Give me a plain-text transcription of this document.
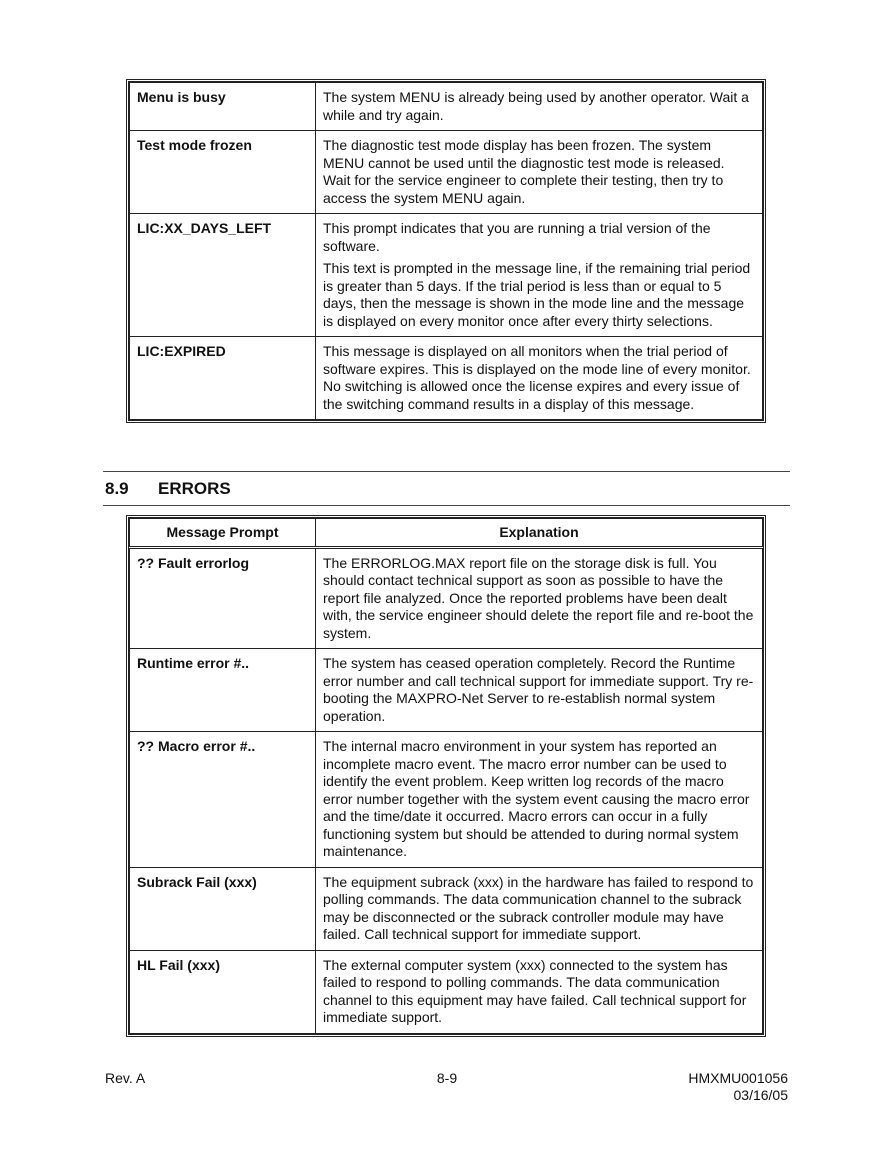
Menu is busy	The system MENU is already being used by another operator. Wait a while and try again.

Test mode frozen	The diagnostic test mode display has been frozen. The system MENU cannot be used until the diagnostic test mode is released. Wait for the service engineer to complete their testing, then try to access the system MENU again.

LIC:XX_DAYS_LEFT	This prompt indicates that you are running a trial version of the software.

This text is prompted in the message line, if the remaining trial period is greater than 5 days. If the trial period is less than or equal to 5 days, then the message is shown in the mode line and the message is displayed on every monitor once after every thirty selections.

LIC:EXPIRED	This message is displayed on all monitors when the trial period of software expires. This is displayed on the mode line of every monitor. No switching is allowed once the license expires and every issue of the switching command results in a display of this message.

8.9 ERRORS
Message Prompt	Explanation
?? Fault errorlog	The ERRORLOG.MAX report file on the storage disk is full. You should contact technical support as soon as possible to have the report file analyzed. Once the reported problems have been dealt with, the service engineer should delete the report file and re-boot the system.

Runtime error #..	The system has ceased operation completely. Record the Runtime error number and call technical support for immediate support. Try re-booting the MAXPRO-Net Server to re-establish normal system operation.

?? Macro error #..	The internal macro environment in your system has reported an incomplete macro event. The macro error number can be used to identify the event problem. Keep written log records of the macro error number together with the system event causing the macro error and the time/date it occurred. Macro errors can occur in a fully functioning system but should be attended to during normal system maintenance.

Subrack Fail (xxx)	The equipment subrack (xxx) in the hardware has failed to respond to polling commands. The data communication channel to the subrack may be disconnected or the subrack controller module may have failed. Call technical support for immediate support.

HL Fail (xxx)	The external computer system (xxx) connected to the system has failed to respond to polling commands. The data communication channel to this equipment may have failed. Call technical support for immediate support.

Rev. A	8-9	HMXMU001056
03/16/05
